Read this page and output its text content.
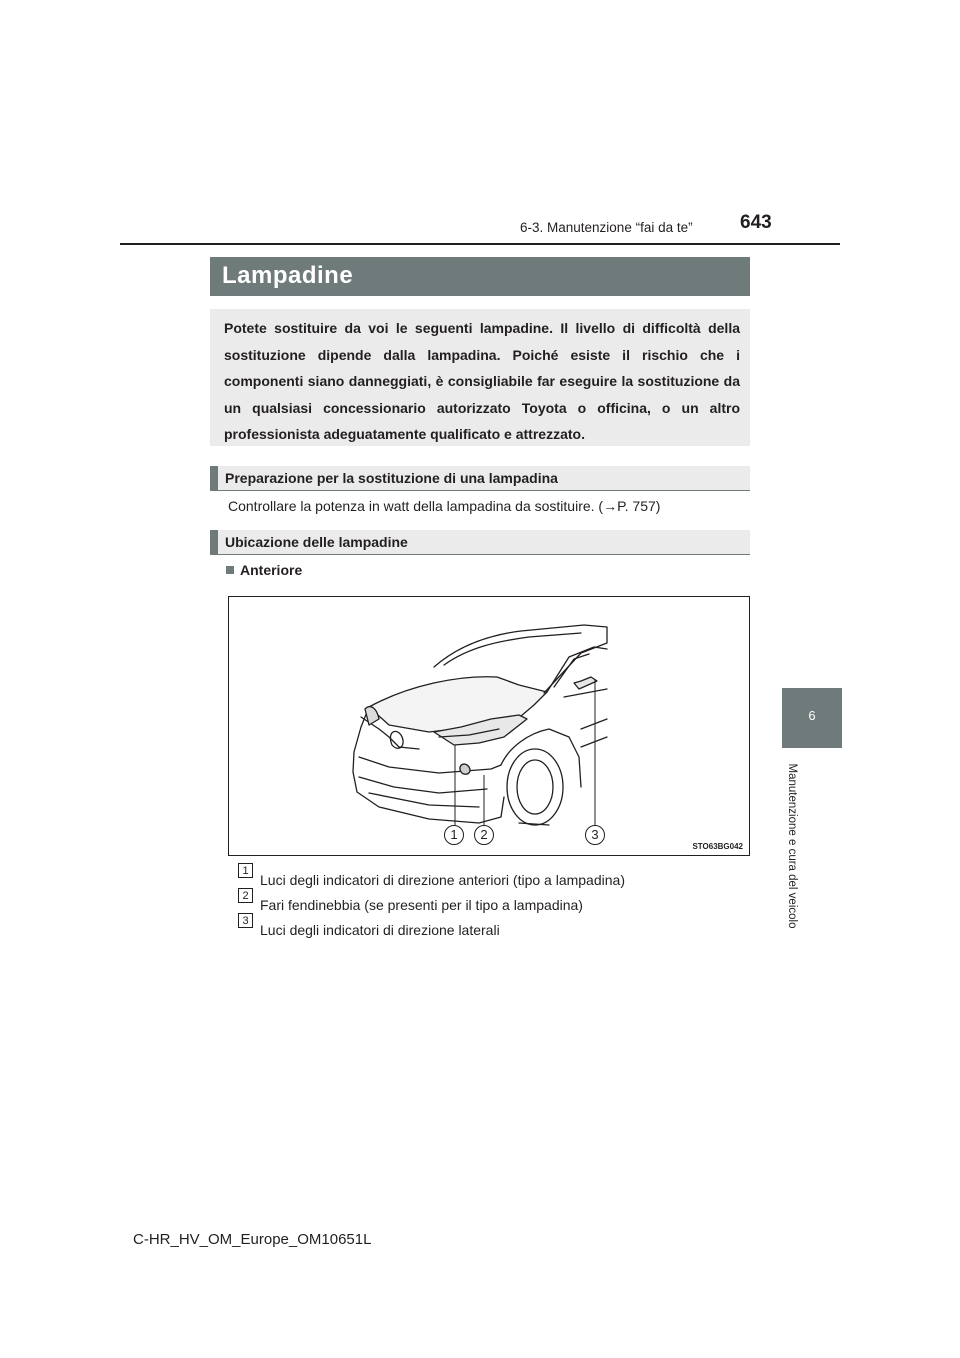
6-3. Manutenzione “fai da te” 643
6
Manutenzione e cura del veicolo
Lampadine
Potete sostituire da voi le seguenti lampadine. Il livello di difficoltà della sostituzione dipende dalla lampadina. Poiché esiste il rischio che i componenti siano danneggiati, è consigliabile far eseguire la sostituzione da un qualsiasi concessionario autorizzato Toyota o officina, o un altro professionista adeguatamente qualificato e attrezzato.
Preparazione per la sostituzione di una lampadina
Controllare la potenza in watt della lampadina da sostituire. (→P. 757)
Ubicazione delle lampadine
Anteriore
1	2	3
STO63BG042
1
Luci degli indicatori di direzione anteriori (tipo a lampadina)
2
Fari fendinebbia (se presenti per il tipo a lampadina)
3
Luci degli indicatori di direzione laterali
C-HR_HV_OM_Europe_OM10651L
